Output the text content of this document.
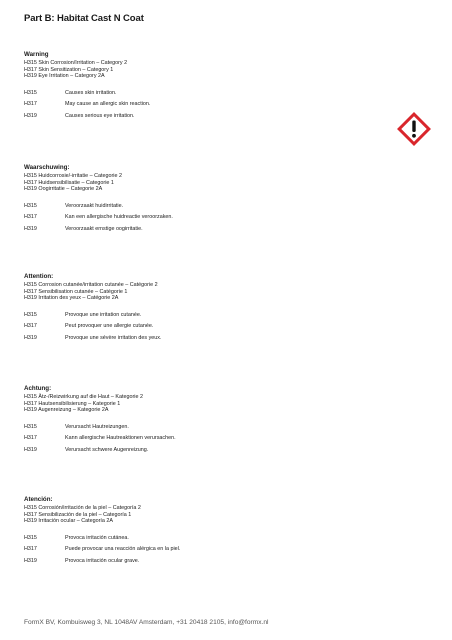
Part B: Habitat Cast N Coat
Warning
H315 Skin Corrosion/Irritation – Category 2
H317 Skin Sensitization – Category 1
H319 Eye Irritation – Category 2A
H315	Causes skin irritation.
H317	May cause an allergic skin reaction.
H319	Causes serious eye irritation.
Waarschuwing:
H315 Huidcorrosie/-irritatie – Categorie 2
H317 Huidsensibilisatie – Categorie 1
H319 Oogirritatie – Categorie 2A
H315	Veroorzaakt huidirritatie.
H317	Kan een allergische huidreactie veroorzaken.
H319	Veroorzaakt ernstige oogirritatie.
Attention:
H315 Corrosion cutanée/irritation cutanée – Catégorie 2
H317 Sensibilisation cutanée – Catégorie 1
H319 Irritation des yeux – Catégorie 2A
H315	Provoque une irritation cutanée.
H317	Peut provoquer une allergie cutanée.
H319	Provoque une sévère irritation des yeux.
Achtung:
H315 Ätz-/Reizwirkung auf die Haut – Kategorie 2
H317 Hautsensibilisierung – Kategorie 1
H319 Augenreizung – Kategorie 2A
H315	Verursacht Hautreizungen.
H317	Kann allergische Hautreaktionen verursachen.
H319	Verursacht schwere Augenreizung.
Atención:
H315 Corrosión/irritación de la piel – Categoría 2
H317 Sensibilización de la piel – Categoría 1
H319 Irritación ocular – Categoría 2A
H315	Provoca irritación cutánea.
H317	Puede provocar una reacción alérgica en la piel.
H319	Provoca irritación ocular grave.
FormX BV, Kombuisweg 3, NL 1048AV Amsterdam, +31 20418 2105, info@formx.nl
